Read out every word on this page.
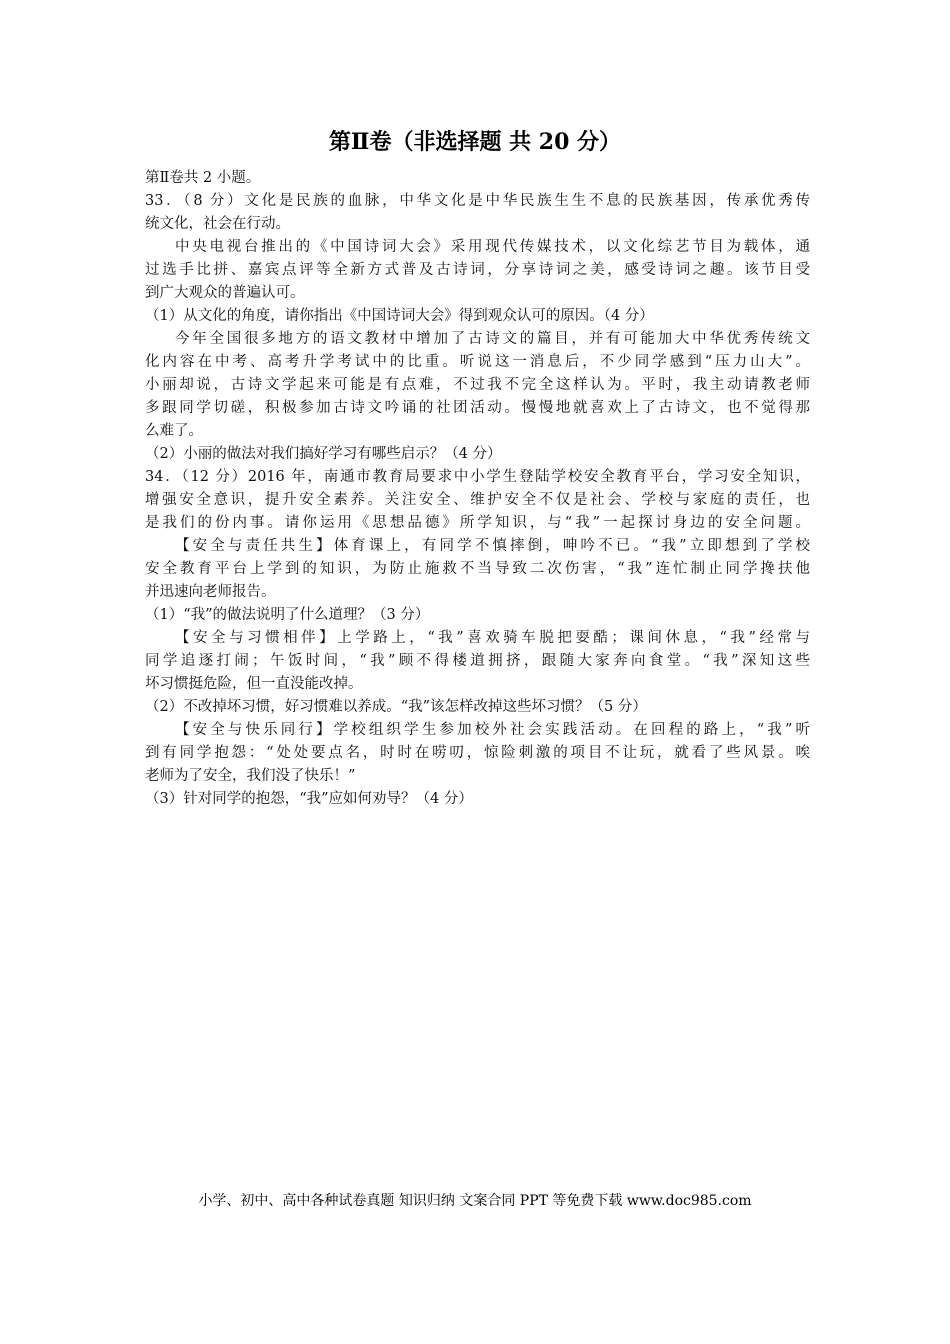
第Ⅱ卷（非选择题 共 20 分）
第Ⅱ卷共 2 小题。
33．（8 分）文化是民族的血脉，中华文化是中华民族生生不息的民族基因，传承优秀传
统文化，社会在行动。
中央电视台推出的《中国诗词大会》采用现代传媒技术，以文化综艺节目为载体，通
过选手比拼、嘉宾点评等全新方式普及古诗词，分享诗词之美，感受诗词之趣。该节目受
到广大观众的普遍认可。
（1）从文化的角度，请你指出《中国诗词大会》得到观众认可的原因。（4 分）
今年全国很多地方的语文教材中增加了古诗文的篇目，并有可能加大中华优秀传统文
化内容在中考、高考升学考试中的比重。听说这一消息后，不少同学感到“压力山大”。
小丽却说，古诗文学起来可能是有点难，不过我不完全这样认为。平时，我主动请教老师
多跟同学切磋，积极参加古诗文吟诵的社团活动。慢慢地就喜欢上了古诗文，也不觉得那
么难了。
（2）小丽的做法对我们搞好学习有哪些启示？（4 分）
34．（12 分）2016 年，南通市教育局要求中小学生登陆学校安全教育平台，学习安全知识，
增强安全意识，提升安全素养。关注安全、维护安全不仅是社会、学校与家庭的责任，也
是我们的份内事。请你运用《思想品德》所学知识，与“我”一起探讨身边的安全问题。
【安全与责任共生】体育课上，有同学不慎摔倒，呻吟不已。“我”立即想到了学校
安全教育平台上学到的知识，为防止施救不当导致二次伤害，“我”连忙制止同学搀扶他
并迅速向老师报告。
（1）“我”的做法说明了什么道理？（3 分）
【安全与习惯相伴】上学路上，“我”喜欢骑车脱把耍酷；课间休息，“我”经常与
同学追逐打闹；午饭时间，“我”顾不得楼道拥挤，跟随大家奔向食堂。“我”深知这些
坏习惯挺危险，但一直没能改掉。
（2）不改掉坏习惯，好习惯难以养成。“我”该怎样改掉这些坏习惯？（5 分）
【安全与快乐同行】学校组织学生参加校外社会实践活动。在回程的路上，“我”听
到有同学抱怨：“处处要点名，时时在唠叨，惊险刺激的项目不让玩，就看了些风景。唉
老师为了安全，我们没了快乐！”
（3）针对同学的抱怨，“我”应如何劝导？（4 分）
小学、初中、高中各种试卷真题 知识归纳 文案合同 PPT 等免费下载 www.doc985.com
